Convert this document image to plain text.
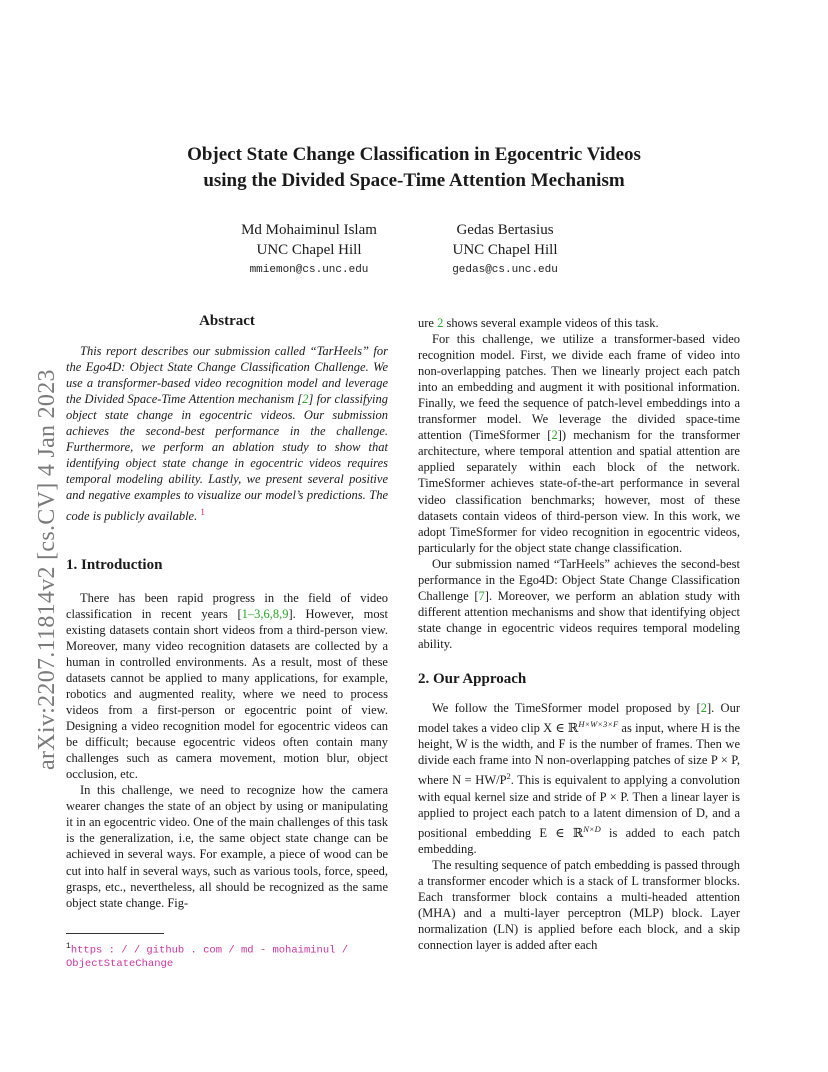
arXiv:2207.11814v2 [cs.CV] 4 Jan 2023
Object State Change Classification in Egocentric Videos
using the Divided Space-Time Attention Mechanism
Md Mohaiminul Islam
UNC Chapel Hill
mmiemon@cs.unc.edu
Gedas Bertasius
UNC Chapel Hill
gedas@cs.unc.edu
Abstract

This report describes our submission called “TarHeels” for the Ego4D: Object State Change Classification Challenge. We use a transformer-based video recognition model and leverage the Divided Space-Time Attention mechanism [2] for classifying object state change in egocentric videos. Our submission achieves the second-best performance in the challenge. Furthermore, we perform an ablation study to show that identifying object state change in egocentric videos requires temporal modeling ability. Lastly, we present several positive and negative examples to visualize our model’s predictions. The code is publicly available. $^1$

1. Introduction

There has been rapid progress in the field of video classification in recent years [1–3,6,8,9]. However, most existing datasets contain short videos from a third-person view. Moreover, many video recognition datasets are collected by a human in controlled environments. As a result, most of these datasets cannot be applied to many applications, for example, robotics and augmented reality, where we need to process videos from a first-person or egocentric point of view. Designing a video recognition model for egocentric videos can be difficult; because egocentric videos often contain many challenges such as camera movement, motion blur, object occlusion, etc.

In this challenge, we need to recognize how the camera wearer changes the state of an object by using or manipulating it in an egocentric video. One of the main challenges of this task is the generalization, i.e, the same object state change can be achieved in several ways. For example, a piece of wood can be cut into half in several ways, such as various tools, force, speed, grasps, etc., nevertheless, all should be recognized as the same object state change. Fig-

$^1$https : / / github . com / md - mohaiminul /
ObjectStateChange

ure 2 shows several example videos of this task.

For this challenge, we utilize a transformer-based video recognition model. First, we divide each frame of video into non-overlapping patches. Then we linearly project each patch into an embedding and augment it with positional information. Finally, we feed the sequence of patch-level embeddings into a transformer model. We leverage the divided space-time attention (TimeSformer [2]) mechanism for the transformer architecture, where temporal attention and spatial attention are applied separately within each block of the network. TimeSformer achieves state-of-the-art performance in several video classification benchmarks; however, most of these datasets contain videos of third-person view. In this work, we adopt TimeSformer for video recognition in egocentric videos, particularly for the object state change classification.

Our submission named “TarHeels” achieves the second-best performance in the Ego4D: Object State Change Classification Challenge [7]. Moreover, we perform an ablation study with different attention mechanisms and show that identifying object state change in egocentric videos requires temporal modeling ability.

2. Our Approach

We follow the TimeSformer model proposed by [2]. Our model takes a video clip X ∈ ℝ$^{H\times W\times 3\times F}$ as input, where H is the height, W is the width, and F is the number of frames. Then we divide each frame into N non-overlapping patches of size P × P, where $N = HW/P^2$. This is equivalent to applying a convolution with equal kernel size and stride of P × P. Then a linear layer is applied to project each patch to a latent dimension of D, and a positional embedding E ∈ ℝ$^{N\times D}$ is added to each patch embedding.

The resulting sequence of patch embedding is passed through a transformer encoder which is a stack of L transformer blocks. Each transformer block contains a multi-headed attention (MHA) and a multi-layer perceptron (MLP) block. Layer normalization (LN) is applied before each block, and a skip connection layer is added after each
